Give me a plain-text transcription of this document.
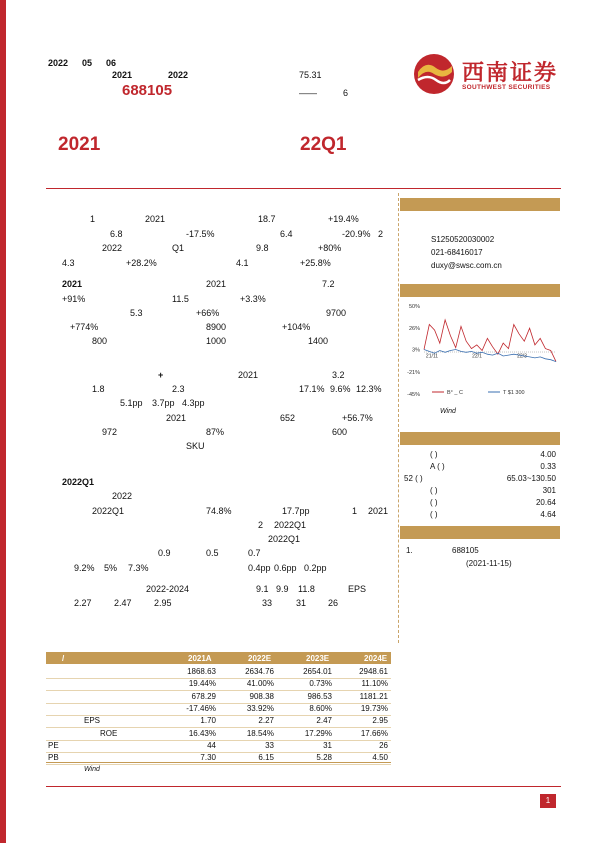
2022 05 06
2021	2022
688105
75.31
——	6
西南证券
SOUTHWEST SECURITIES
2021	22Q1
1	2021	18.7	+19.4%
6.8	-17.5%	6.4	-20.9% 2
2022	Q1	9.8	+80%
4.3	+28.2%	4.1	+25.8%
2021	2021	7.2
+91%	11.5	+3.3%
5.3	+66%	9700
+774%	8900	+104%
800	1000	1400
+	2021	3.2
1.8	2.3	17.1% 9.6% 12.3%
5.1pp 3.7pp 4.3pp
2021	652	+56.7%
972	87%	600
SKU
2022Q1
2022
2022Q1	74.8%	17.7pp	1 2021
2 2022Q1
2022Q1
0.9	0.5	0.7
9.2% 5% 7.3%	0.4pp 0.6pp 0.2pp
2022-2024	9.1 9.9 11.8	EPS
2.27 2.47 2.95	33	31 26
S1250520030002
021-68416017
duxy@swsc.com.cn
50%
26%
3%
-21%
-45%
21/11	22/1	22/3
B° _ C	T $1 300
Wind
( )	4.00
A ( )	0.33
52 ( )	65.03~130.50
( )	301
( )	20.64
( )	4.64
1.	688105
(2021-11-15)
/	2021A	2022E	2023E	2024E
1868.63	2634.76	2654.01	2948.61
19.44%	41.00%	0.73%	11.10%
678.29	908.38	986.53	1181.21
-17.46%	33.92%	8.60%	19.73%
EPS	1.70	2.27	2.47	2.95
ROE	16.43%	18.54%	17.29%	17.66%
PE	44	33	31	26
PB	7.30	6.15	5.28	4.50
Wind
1
